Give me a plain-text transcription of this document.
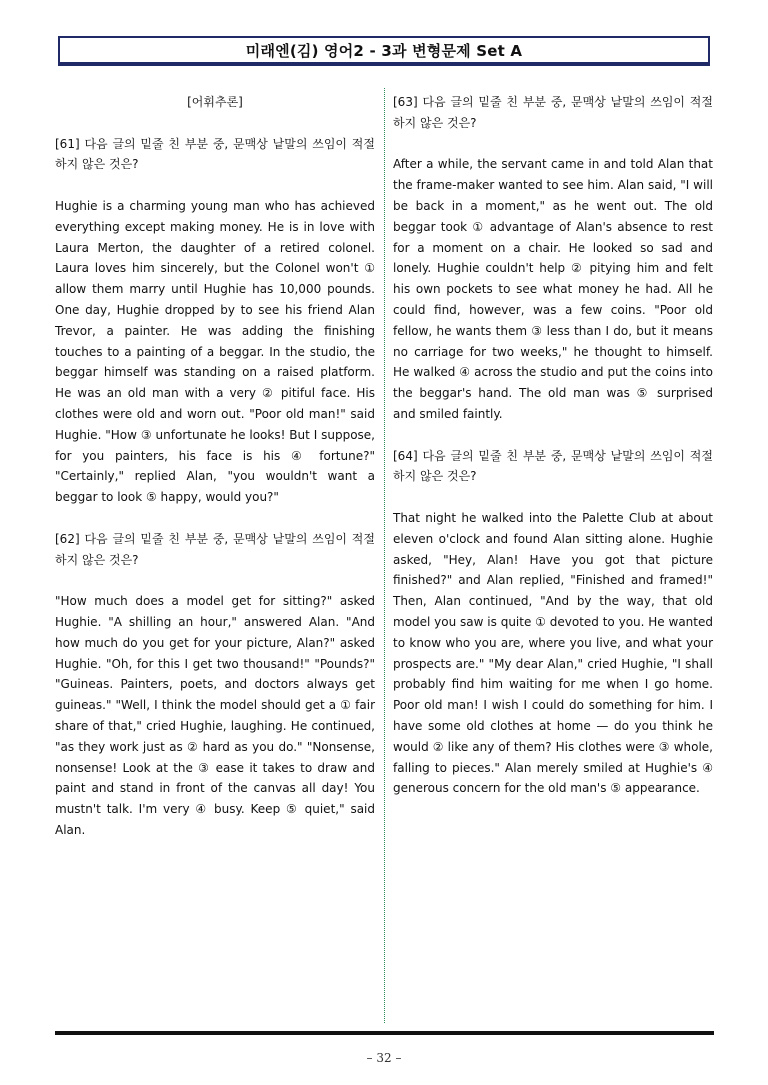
미래엔(김) 영어2 - 3과 변형문제 Set A
[어휘추론]
[61] 다음 글의 밑줄 친 부분 중, 문맥상 낱말의 쓰임이 적절하지 않은 것은?
Hughie is a charming young man who has achieved everything except making money. He is in love with Laura Merton, the daughter of a retired colonel. Laura loves him sincerely, but the Colonel won't ① allow them marry until Hughie has 10,000 pounds. One day, Hughie dropped by to see his friend Alan Trevor, a painter. He was adding the finishing touches to a painting of a beggar. In the studio, the beggar himself was standing on a raised platform. He was an old man with a very ② pitiful face. His clothes were old and worn out. "Poor old man!" said Hughie. "How ③ unfortunate he looks! But I suppose, for you painters, his face is his ④ fortune?" "Certainly," replied Alan, "you wouldn't want a beggar to look ⑤ happy, would you?"
[62] 다음 글의 밑줄 친 부분 중, 문맥상 낱말의 쓰임이 적절하지 않은 것은?
"How much does a model get for sitting?" asked Hughie. "A shilling an hour," answered Alan. "And how much do you get for your picture, Alan?" asked Hughie. "Oh, for this I get two thousand!" "Pounds?" "Guineas. Painters, poets, and doctors always get guineas." "Well, I think the model should get a ① fair share of that," cried Hughie, laughing. He continued, "as they work just as ② hard as you do." "Nonsense, nonsense! Look at the ③ ease it takes to draw and paint and stand in front of the canvas all day! You mustn't talk. I'm very ④ busy. Keep ⑤ quiet," said Alan.
[63] 다음 글의 밑줄 친 부분 중, 문맥상 낱말의 쓰임이 적절하지 않은 것은?
After a while, the servant came in and told Alan that the frame-maker wanted to see him. Alan said, "I will be back in a moment," as he went out. The old beggar took ① advantage of Alan's absence to rest for a moment on a chair. He looked so sad and lonely. Hughie couldn't help ② pitying him and felt his own pockets to see what money he had. All he could find, however, was a few coins. "Poor old fellow, he wants them ③ less than I do, but it means no carriage for two weeks," he thought to himself. He walked ④ across the studio and put the coins into the beggar's hand. The old man was ⑤ surprised and smiled faintly.
[64] 다음 글의 밑줄 친 부분 중, 문맥상 낱말의 쓰임이 적절하지 않은 것은?
That night he walked into the Palette Club at about eleven o'clock and found Alan sitting alone. Hughie asked, "Hey, Alan! Have you got that picture finished?" and Alan replied, "Finished and framed!" Then, Alan continued, "And by the way, that old model you saw is quite ① devoted to you. He wanted to know who you are, where you live, and what your prospects are." "My dear Alan," cried Hughie, "I shall probably find him waiting for me when I go home. Poor old man! I wish I could do something for him. I have some old clothes at home — do you think he would ② like any of them? His clothes were ③ whole, falling to pieces." Alan merely smiled at Hughie's ④ generous concern for the old man's ⑤ appearance.
– 32 –
